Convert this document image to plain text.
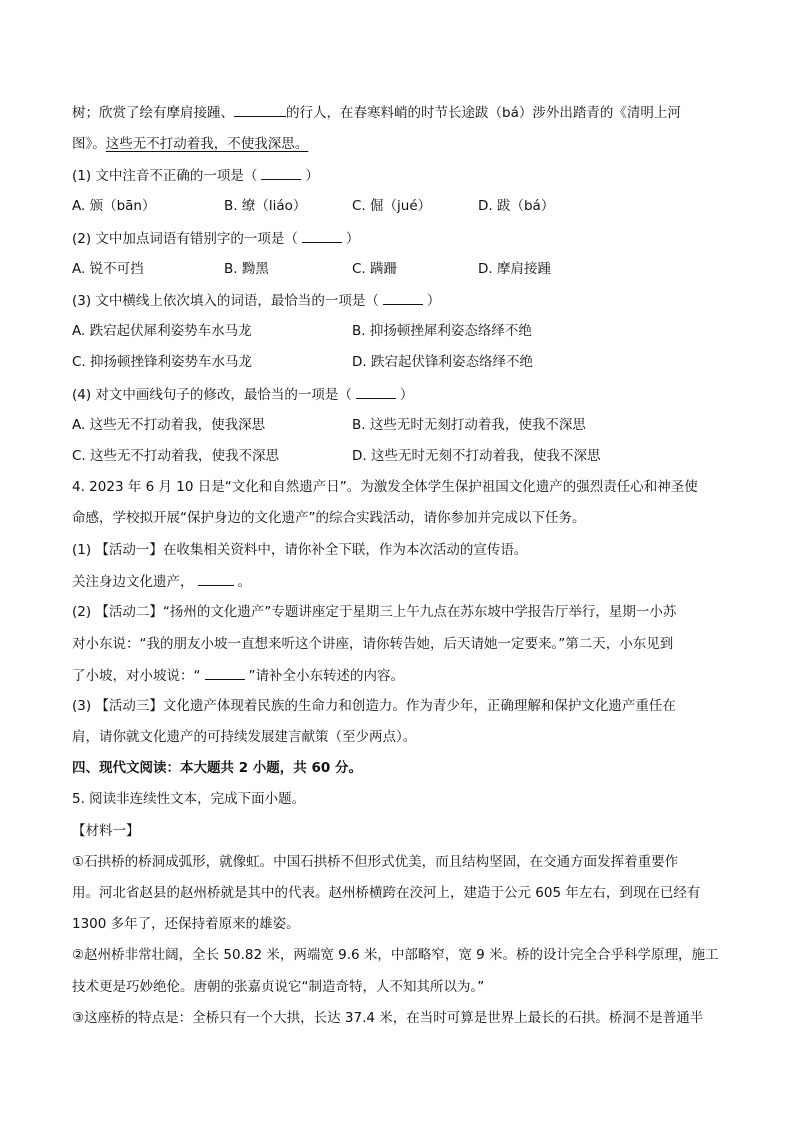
树；欣赏了绘有摩肩接踵、	的行人，在春寒料峭的时节长途跋（bá）涉外出踏青的《清明上河
图》。这些无不打动着我，不使我深思。
(1) 文中注音不正确的一项是（	）
A. 颁（bān）	B. 缭（liáo）	C. 倔（jué）	D. 跋（bá）
(2) 文中加点词语有错别字的一项是（	）
A. 锐不可挡	B. 黝黑	C. 蹒跚	D. 摩肩接踵
(3) 文中横线上依次填入的词语，最恰当的一项是（	）
A. 跌宕起伏犀利姿势车水马龙	B. 抑扬顿挫犀利姿态络绎不绝
C. 抑扬顿挫锋利姿势车水马龙	D. 跌宕起伏锋利姿态络绎不绝
(4) 对文中画线句子的修改，最恰当的一项是（	）
A. 这些无不打动着我，使我深思	B. 这些无时无刻打动着我，使我不深思
C. 这些无不打动着我，使我不深思	D. 这些无时无刻不打动着我，使我不深思
4. 2023 年 6 月 10 日是“文化和自然遗产日”。为激发全体学生保护祖国文化遗产的强烈责任心和神圣使
命感，学校拟开展“保护身边的文化遗产”的综合实践活动，请你参加并完成以下任务。
(1) 【活动一】在收集相关资料中，请你补全下联，作为本次活动的宣传语。
关注身边文化遗产，	。
(2) 【活动二】“扬州的文化遗产”专题讲座定于星期三上午九点在苏东坡中学报告厅举行，星期一小苏
对小东说：“我的朋友小坡一直想来听这个讲座，请你转告她，后天请她一定要来。”第二天，小东见到
了小坡，对小坡说：“	”请补全小东转述的内容。
(3) 【活动三】文化遗产体现着民族的生命力和创造力。作为青少年，正确理解和保护文化遗产重任在
肩，请你就文化遗产的可持续发展建言献策（至少两点）。
四、现代文阅读：本大题共 2 小题，共 60 分。
5. 阅读非连续性文本，完成下面小题。
【材料一】
①石拱桥的桥洞成弧形，就像虹。中国石拱桥不但形式优美，而且结构坚固，在交通方面发挥着重要作
用。河北省赵县的赵州桥就是其中的代表。赵州桥横跨在洨河上，建造于公元 605 年左右，到现在已经有
1300 多年了，还保持着原来的雄姿。
②赵州桥非常壮阔，全长 50.82 米，两端宽 9.6 米，中部略窄，宽 9 米。桥的设计完全合乎科学原理，施工
技术更是巧妙绝伦。唐朝的张嘉贞说它“制造奇特，人不知其所以为。”
③这座桥的特点是：全桥只有一个大拱，长达 37.4 米，在当时可算是世界上最长的石拱。桥洞不是普通半
